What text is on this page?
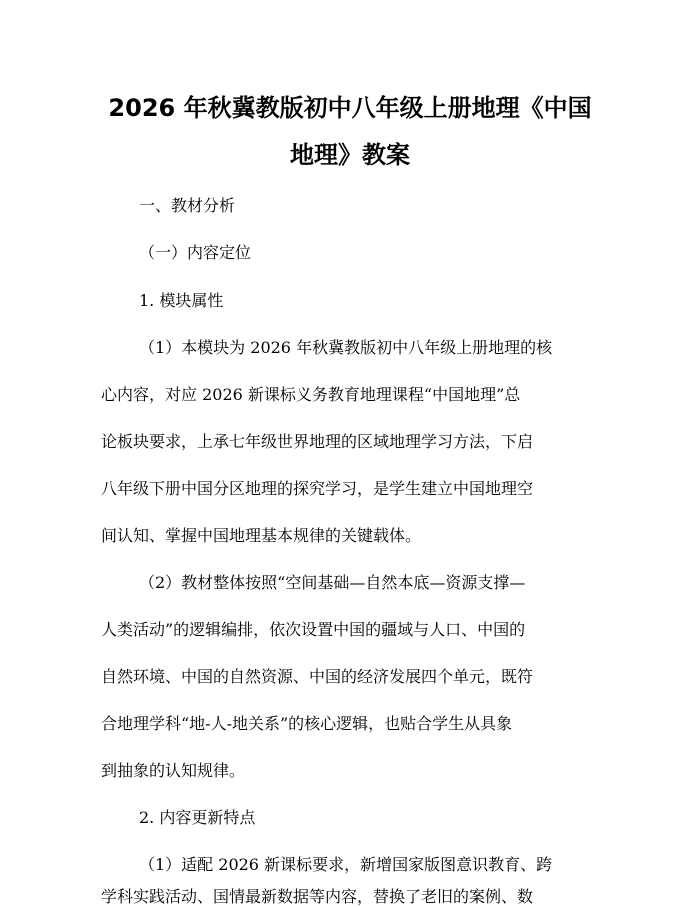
2026 年秋冀教版初中八年级上册地理《中国
地理》教案
一、教材分析
（一）内容定位
1. 模块属性
（1）本模块为 2026 年秋冀教版初中八年级上册地理的核
心内容，对应 2026 新课标义务教育地理课程“中国地理”总
论板块要求，上承七年级世界地理的区域地理学习方法，下启
八年级下册中国分区地理的探究学习，是学生建立中国地理空
间认知、掌握中国地理基本规律的关键载体。
（2）教材整体按照“空间基础—自然本底—资源支撑—
人类活动”的逻辑编排，依次设置中国的疆域与人口、中国的
自然环境、中国的自然资源、中国的经济发展四个单元，既符
合地理学科“地-人-地关系”的核心逻辑，也贴合学生从具象
到抽象的认知规律。
2. 内容更新特点
（1）适配 2026 新课标要求，新增国家版图意识教育、跨
学科实践活动、国情最新数据等内容，替换了老旧的案例、数
